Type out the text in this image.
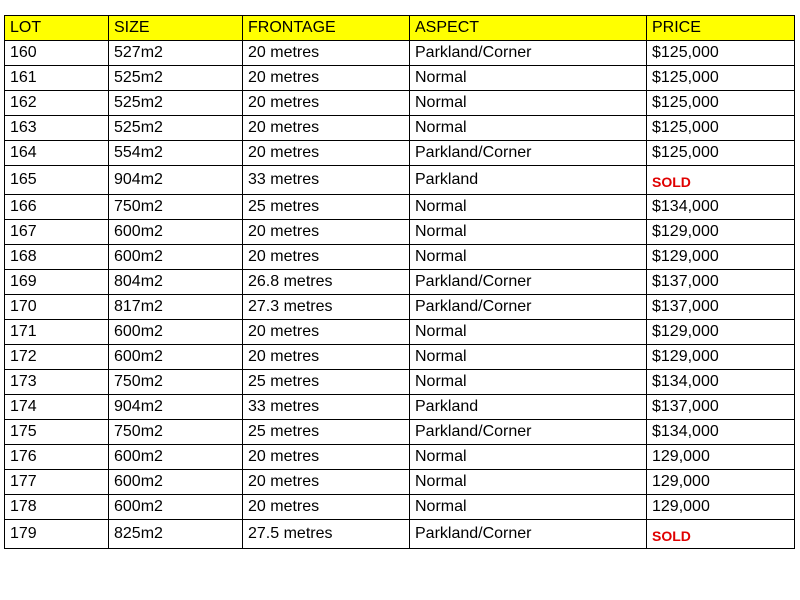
LOT	SIZE	FRONTAGE	ASPECT	PRICE
160	527m2	20 metres	Parkland/Corner	$125,000
161	525m2	20 metres	Normal	$125,000
162	525m2	20 metres	Normal	$125,000
163	525m2	20 metres	Normal	$125,000
164	554m2	20 metres	Parkland/Corner	$125,000
165	904m2	33 metres	Parkland	SOLD
166	750m2	25 metres	Normal	$134,000
167	600m2	20 metres	Normal	$129,000
168	600m2	20 metres	Normal	$129,000
169	804m2	26.8 metres	Parkland/Corner	$137,000
170	817m2	27.3 metres	Parkland/Corner	$137,000
171	600m2	20 metres	Normal	$129,000
172	600m2	20 metres	Normal	$129,000
173	750m2	25 metres	Normal	$134,000
174	904m2	33 metres	Parkland	$137,000
175	750m2	25 metres	Parkland/Corner	$134,000
176	600m2	20 metres	Normal	129,000
177	600m2	20 metres	Normal	129,000
178	600m2	20 metres	Normal	129,000
179	825m2	27.5 metres	Parkland/Corner	SOLD
